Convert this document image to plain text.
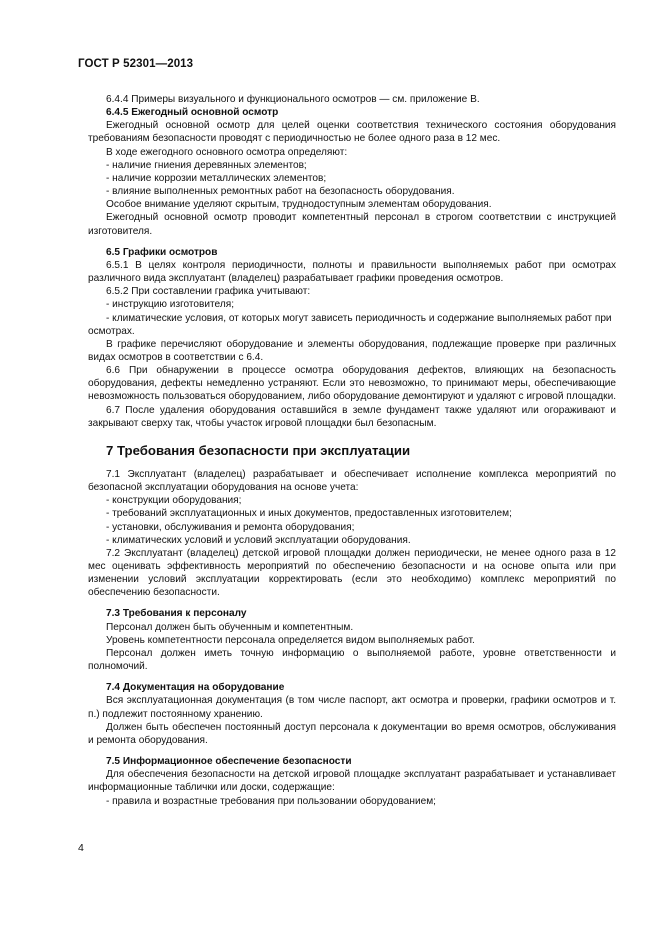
ГОСТ Р 52301—2013

6.4.4 Примеры визуального и функционального осмотров — см. приложение В.

6.4.5 Ежегодный основной осмотр

Ежегодный основной осмотр для целей оценки соответствия технического состояния оборудования требованиям безопасности проводят с периодичностью не более одного раза в 12 мес.

В ходе ежегодного основного осмотра определяют:

- наличие гниения деревянных элементов;

- наличие коррозии металлических элементов;

- влияние выполненных ремонтных работ на безопасность оборудования.

Особое внимание уделяют скрытым, труднодоступным элементам оборудования.

Ежегодный основной осмотр проводит компетентный персонал в строгом соответствии с инструкцией изготовителя.

6.5 Графики осмотров

6.5.1 В целях контроля периодичности, полноты и правильности выполняемых работ при осмотрах различного вида эксплуатант (владелец) разрабатывает графики проведения осмотров.

6.5.2 При составлении графика учитывают:

- инструкцию изготовителя;

- климатические условия, от которых могут зависеть периодичность и содержание выполняемых работ при осмотрах.

В графике перечисляют оборудование и элементы оборудования, подлежащие проверке при различных видах осмотров в соответствии с 6.4.

6.6 При обнаружении в процессе осмотра оборудования дефектов, влияющих на безопасность оборудования, дефекты немедленно устраняют. Если это невозможно, то принимают меры, обеспечивающие невозможность пользоваться оборудованием, либо оборудование демонтируют и удаляют с игровой площадки.

6.7 После удаления оборудования оставшийся в земле фундамент также удаляют или огораживают и закрывают сверху так, чтобы участок игровой площадки был безопасным.

7 Требования безопасности при эксплуатации

7.1 Эксплуатант (владелец) разрабатывает и обеспечивает исполнение комплекса мероприятий по безопасной эксплуатации оборудования на основе учета:

- конструкции оборудования;

- требований эксплуатационных и иных документов, предоставленных изготовителем;

- установки, обслуживания и ремонта оборудования;

- климатических условий и условий эксплуатации оборудования.

7.2 Эксплуатант (владелец) детской игровой площадки должен периодически, не менее одного раза в 12 мес оценивать эффективность мероприятий по обеспечению безопасности и на основе опыта или при изменении условий эксплуатации корректировать (если это необходимо) комплекс мероприятий по обеспечению безопасности.

7.3 Требования к персоналу

Персонал должен быть обученным и компетентным.

Уровень компетентности персонала определяется видом выполняемых работ.

Персонал должен иметь точную информацию о выполняемой работе, уровне ответственности и полномочий.

7.4 Документация на оборудование

Вся эксплуатационная документация (в том числе паспорт, акт осмотра и проверки, графики осмотров и т. п.) подлежит постоянному хранению.

Должен быть обеспечен постоянный доступ персонала к документации во время осмотров, обслуживания и ремонта оборудования.

7.5 Информационное обеспечение безопасности

Для обеспечения безопасности на детской игровой площадке эксплуатант разрабатывает и устанавливает информационные таблички или доски, содержащие:

- правила и возрастные требования при пользовании оборудованием;

4
